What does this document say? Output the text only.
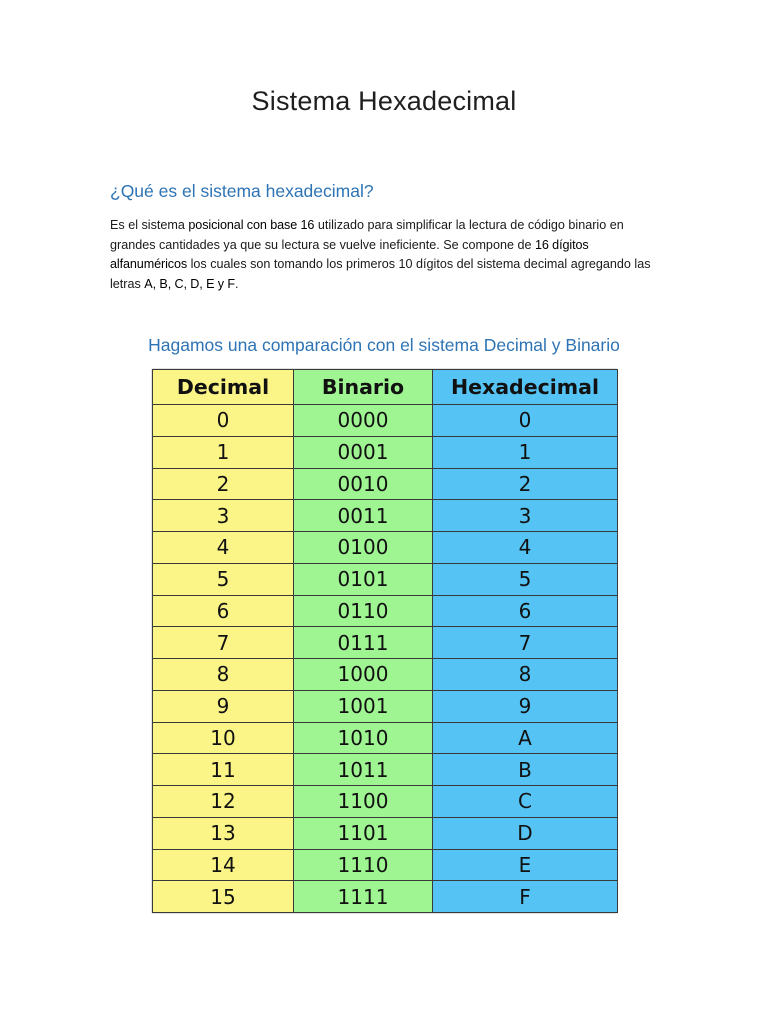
Sistema Hexadecimal
¿Qué es el sistema hexadecimal?

Es el sistema posicional con base 16 utilizado para simplificar la lectura de código binario en grandes cantidades ya que su lectura se vuelve ineficiente. Se compone de 16 dígitos alfanuméricos los cuales son tomando los primeros 10 dígitos del sistema decimal agregando las letras A, B, C, D, E y F.

Hagamos una comparación con el sistema Decimal y Binario
Decimal	Binario	Hexadecimal
0	0000	0
1	0001	1
2	0010	2
3	0011	3
4	0100	4
5	0101	5
6	0110	6
7	0111	7
8	1000	8
9	1001	9
10	1010	A
11	1011	B
12	1100	C
13	1101	D
14	1110	E
15	1111	F
